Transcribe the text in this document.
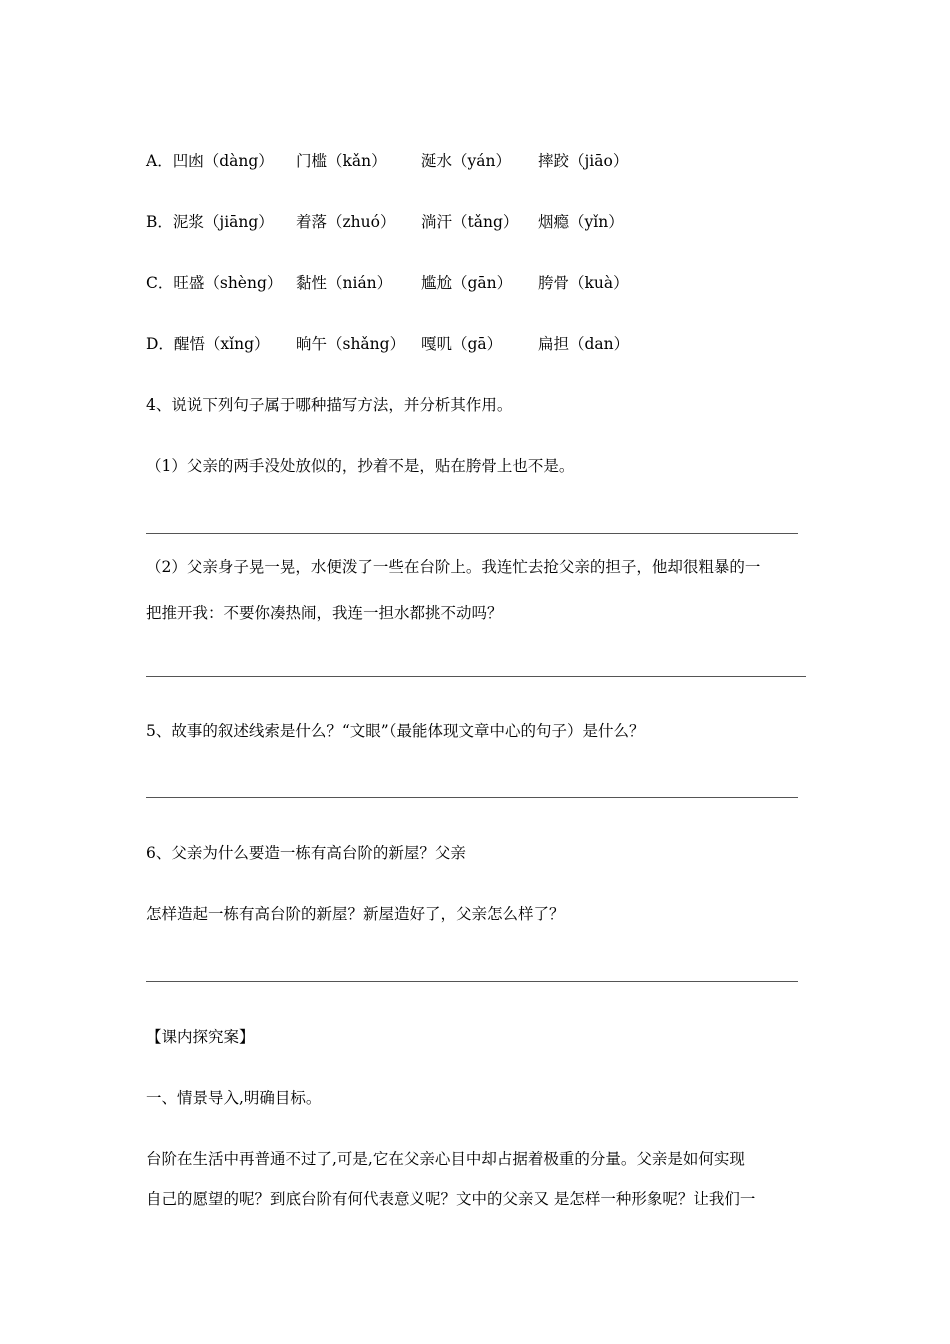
A．凹凼（dàng） 门槛（kǎn） 涎水（yán） 摔跤（jiāo）
B．泥浆（jiāng） 着落（zhuó） 淌汗（tǎng） 烟瘾（yǐn）
C．旺盛（shèng） 黏性（nián） 尴尬（gān） 胯骨（kuà）
D．醒悟（xǐng） 晌午（shǎng） 嘎叽（gā） 扁担（dan）
4、说说下列句子属于哪种描写方法，并分析其作用。
（1）父亲的两手没处放似的，抄着不是，贴在胯骨上也不是。
（2）父亲身子晃一晃，水便泼了一些在台阶上。我连忙去抢父亲的担子，他却很粗暴的一
把推开我：不要你凑热闹，我连一担水都挑不动吗？
5、故事的叙述线索是什么？“文眼”（最能体现文章中心的句子）是什么？
6、父亲为什么要造一栋有高台阶的新屋？父亲
怎样造起一栋有高台阶的新屋？新屋造好了，父亲怎么样了？
【课内探究案】
一、情景导入,明确目标。
台阶在生活中再普通不过了,可是,它在父亲心目中却占据着极重的分量。父亲是如何实现
自己的愿望的呢？到底台阶有何代表意义呢？文中的父亲又 是怎样一种形象呢？让我们一
